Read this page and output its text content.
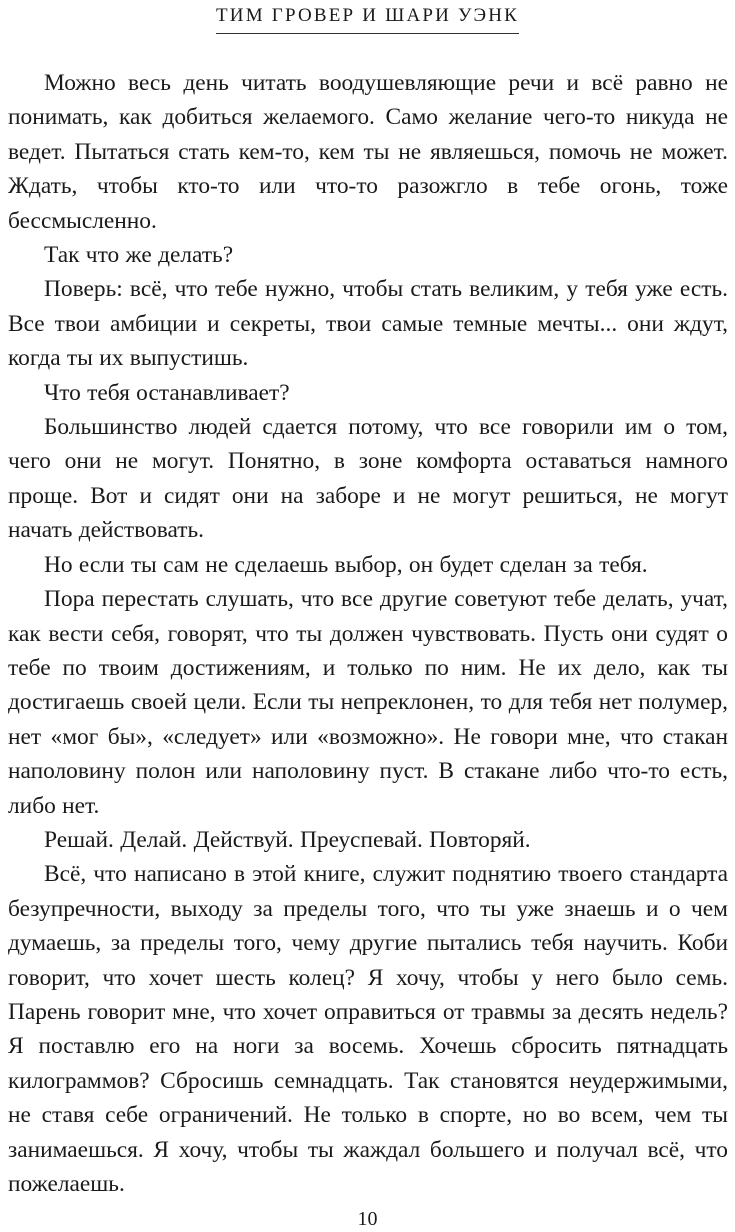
ТИМ ГРОВЕР И ШАРИ УЭНК

Можно весь день читать воодушевляющие речи и всё равно не понимать, как добиться желаемого. Само желание чего-то никуда не ведет. Пытаться стать кем-то, кем ты не являешься, помочь не может. Ждать, чтобы кто-то или что-то разожгло в тебе огонь, тоже бессмысленно.

Так что же делать?

Поверь: всё, что тебе нужно, чтобы стать великим, у тебя уже есть. Все твои амбиции и секреты, твои самые темные мечты... они ждут, когда ты их выпустишь.

Что тебя останавливает?

Большинство людей сдается потому, что все говорили им о том, чего они не могут. Понятно, в зоне комфорта оставаться намного проще. Вот и сидят они на заборе и не могут решиться, не могут начать действовать.

Но если ты сам не сделаешь выбор, он будет сделан за тебя.

Пора перестать слушать, что все другие советуют тебе делать, учат, как вести себя, говорят, что ты должен чувствовать. Пусть они судят о тебе по твоим достижениям, и только по ним. Не их дело, как ты достигаешь своей цели. Если ты непреклонен, то для тебя нет полумер, нет «мог бы», «следует» или «возможно». Не говори мне, что стакан наполовину полон или наполовину пуст. В стакане либо что-то есть, либо нет.

Решай. Делай. Действуй. Преуспевай. Повторяй.

Всё, что написано в этой книге, служит поднятию твоего стандарта безупречности, выходу за пределы того, что ты уже знаешь и о чем думаешь, за пределы того, чему другие пытались тебя научить. Коби говорит, что хочет шесть колец? Я хочу, чтобы у него было семь. Парень говорит мне, что хочет оправиться от травмы за десять недель? Я поставлю его на ноги за восемь. Хочешь сбросить пятнадцать килограммов? Сбросишь семнадцать. Так становятся неудержимыми, не ставя себе ограничений. Не только в спорте, но во всем, чем ты занимаешься. Я хочу, чтобы ты жаждал большего и получал всё, что пожелаешь.

10
